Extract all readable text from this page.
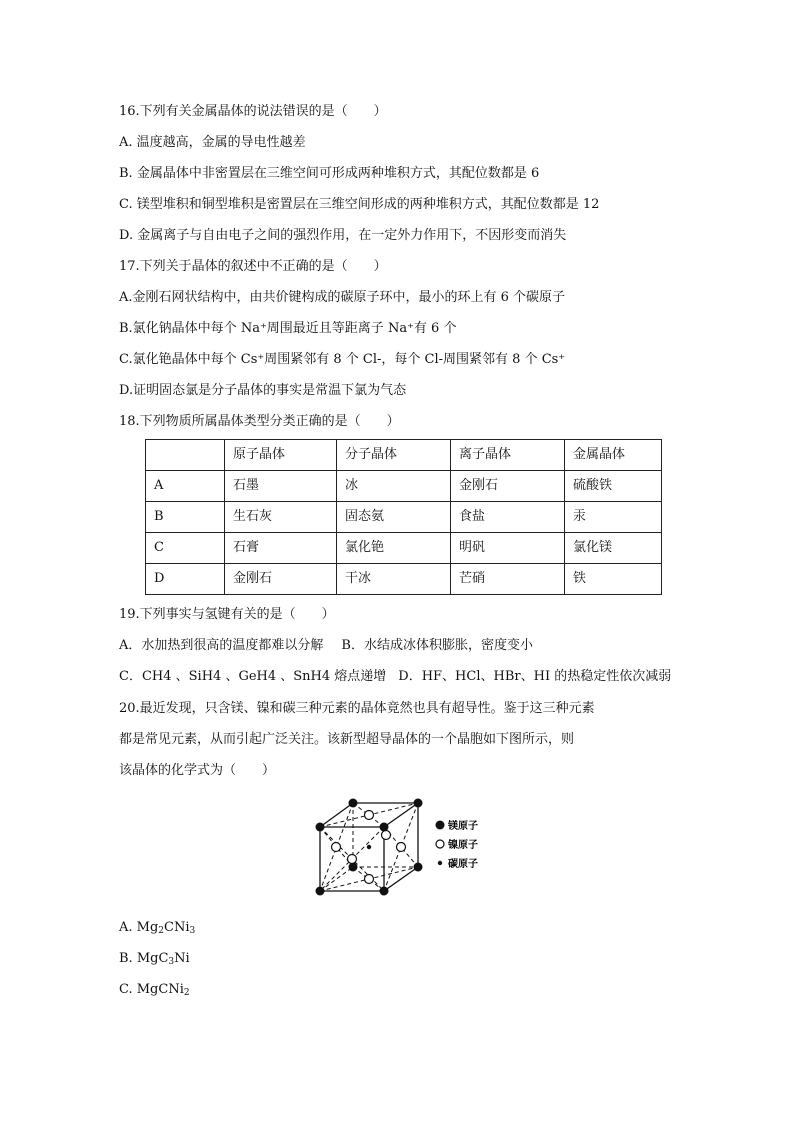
16.下列有关金属晶体的说法错误的是（　　）
A. 温度越高，金属的导电性越差
B. 金属晶体中非密置层在三维空间可形成两种堆积方式，其配位数都是 6
C. 镁型堆积和铜型堆积是密置层在三维空间形成的两种堆积方式，其配位数都是 12
D. 金属离子与自由电子之间的强烈作用，在一定外力作用下，不因形变而消失
17.下列关于晶体的叙述中不正确的是（　　）
A.金刚石网状结构中，由共价键构成的碳原子环中，最小的环上有 6 个碳原子
B.氯化钠晶体中每个 Na⁺周围最近且等距离子 Na⁺有 6 个
C.氯化铯晶体中每个 Cs⁺周围紧邻有 8 个 Cl-，每个 Cl-周围紧邻有 8 个 Cs⁺
D.证明固态氯是分子晶体的事实是常温下氯为气态
18.下列物质所属晶体类型分类正确的是（　　）
	原子晶体	分子晶体	离子晶体	金属晶体
A	石墨	冰	金刚石	硫酸铁
B	生石灰	固态氨	食盐	汞
C	石膏	氯化铯	明矾	氯化镁
D	金刚石	干冰	芒硝	铁
19.下列事实与氢键有关的是（　　）
A．水加热到很高的温度都难以分解 B．水结成冰体积膨胀，密度变小
C．CH4 、SiH4 、GeH4 、SnH4 熔点递增 D．HF、HCl、HBr、HI 的热稳定性依次减弱
20.最近发现，只含镁、镍和碳三种元素的晶体竟然也具有超导性。鉴于这三种元素
都是常见元素，从而引起广泛关注。该新型超导晶体的一个晶胞如下图所示，则
该晶体的化学式为（　　）
镁原子
镍原子
碳原子
A. $Mg_2CNi_3$
B. MgC$_3$Ni
C. MgCNi$_2$
